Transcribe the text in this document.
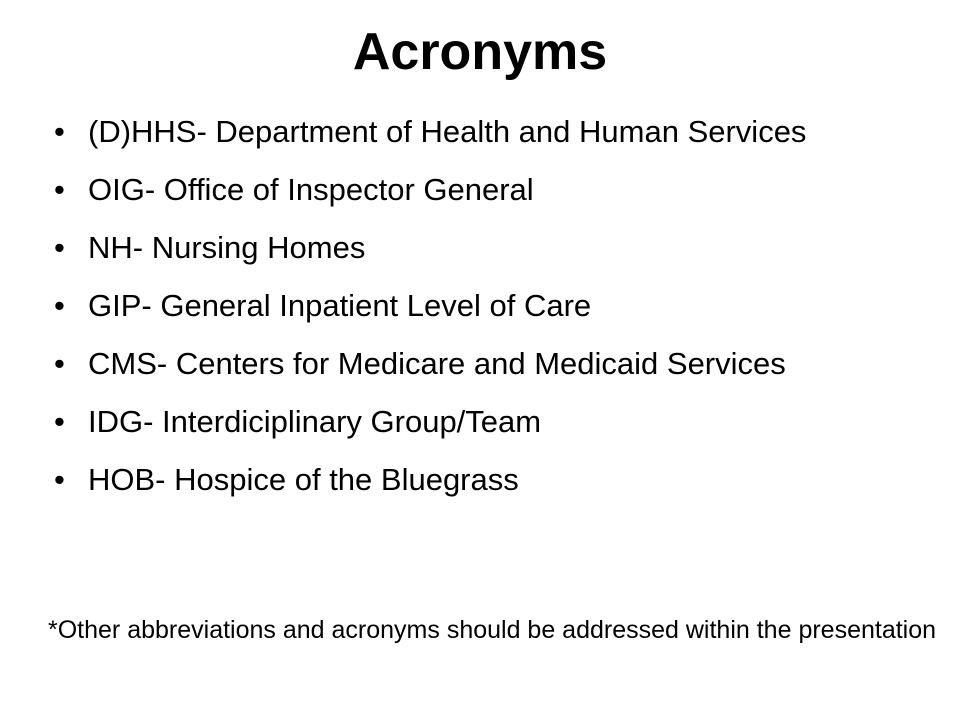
Acronyms
• (D)HHS- Department of Health and Human Services
• OIG- Office of Inspector General
• NH- Nursing Homes
• GIP- General Inpatient Level of Care
• CMS- Centers for Medicare and Medicaid Services
• IDG- Interdiciplinary Group/Team
• HOB- Hospice of the Bluegrass
*Other abbreviations and acronyms should be addressed within the presentation
